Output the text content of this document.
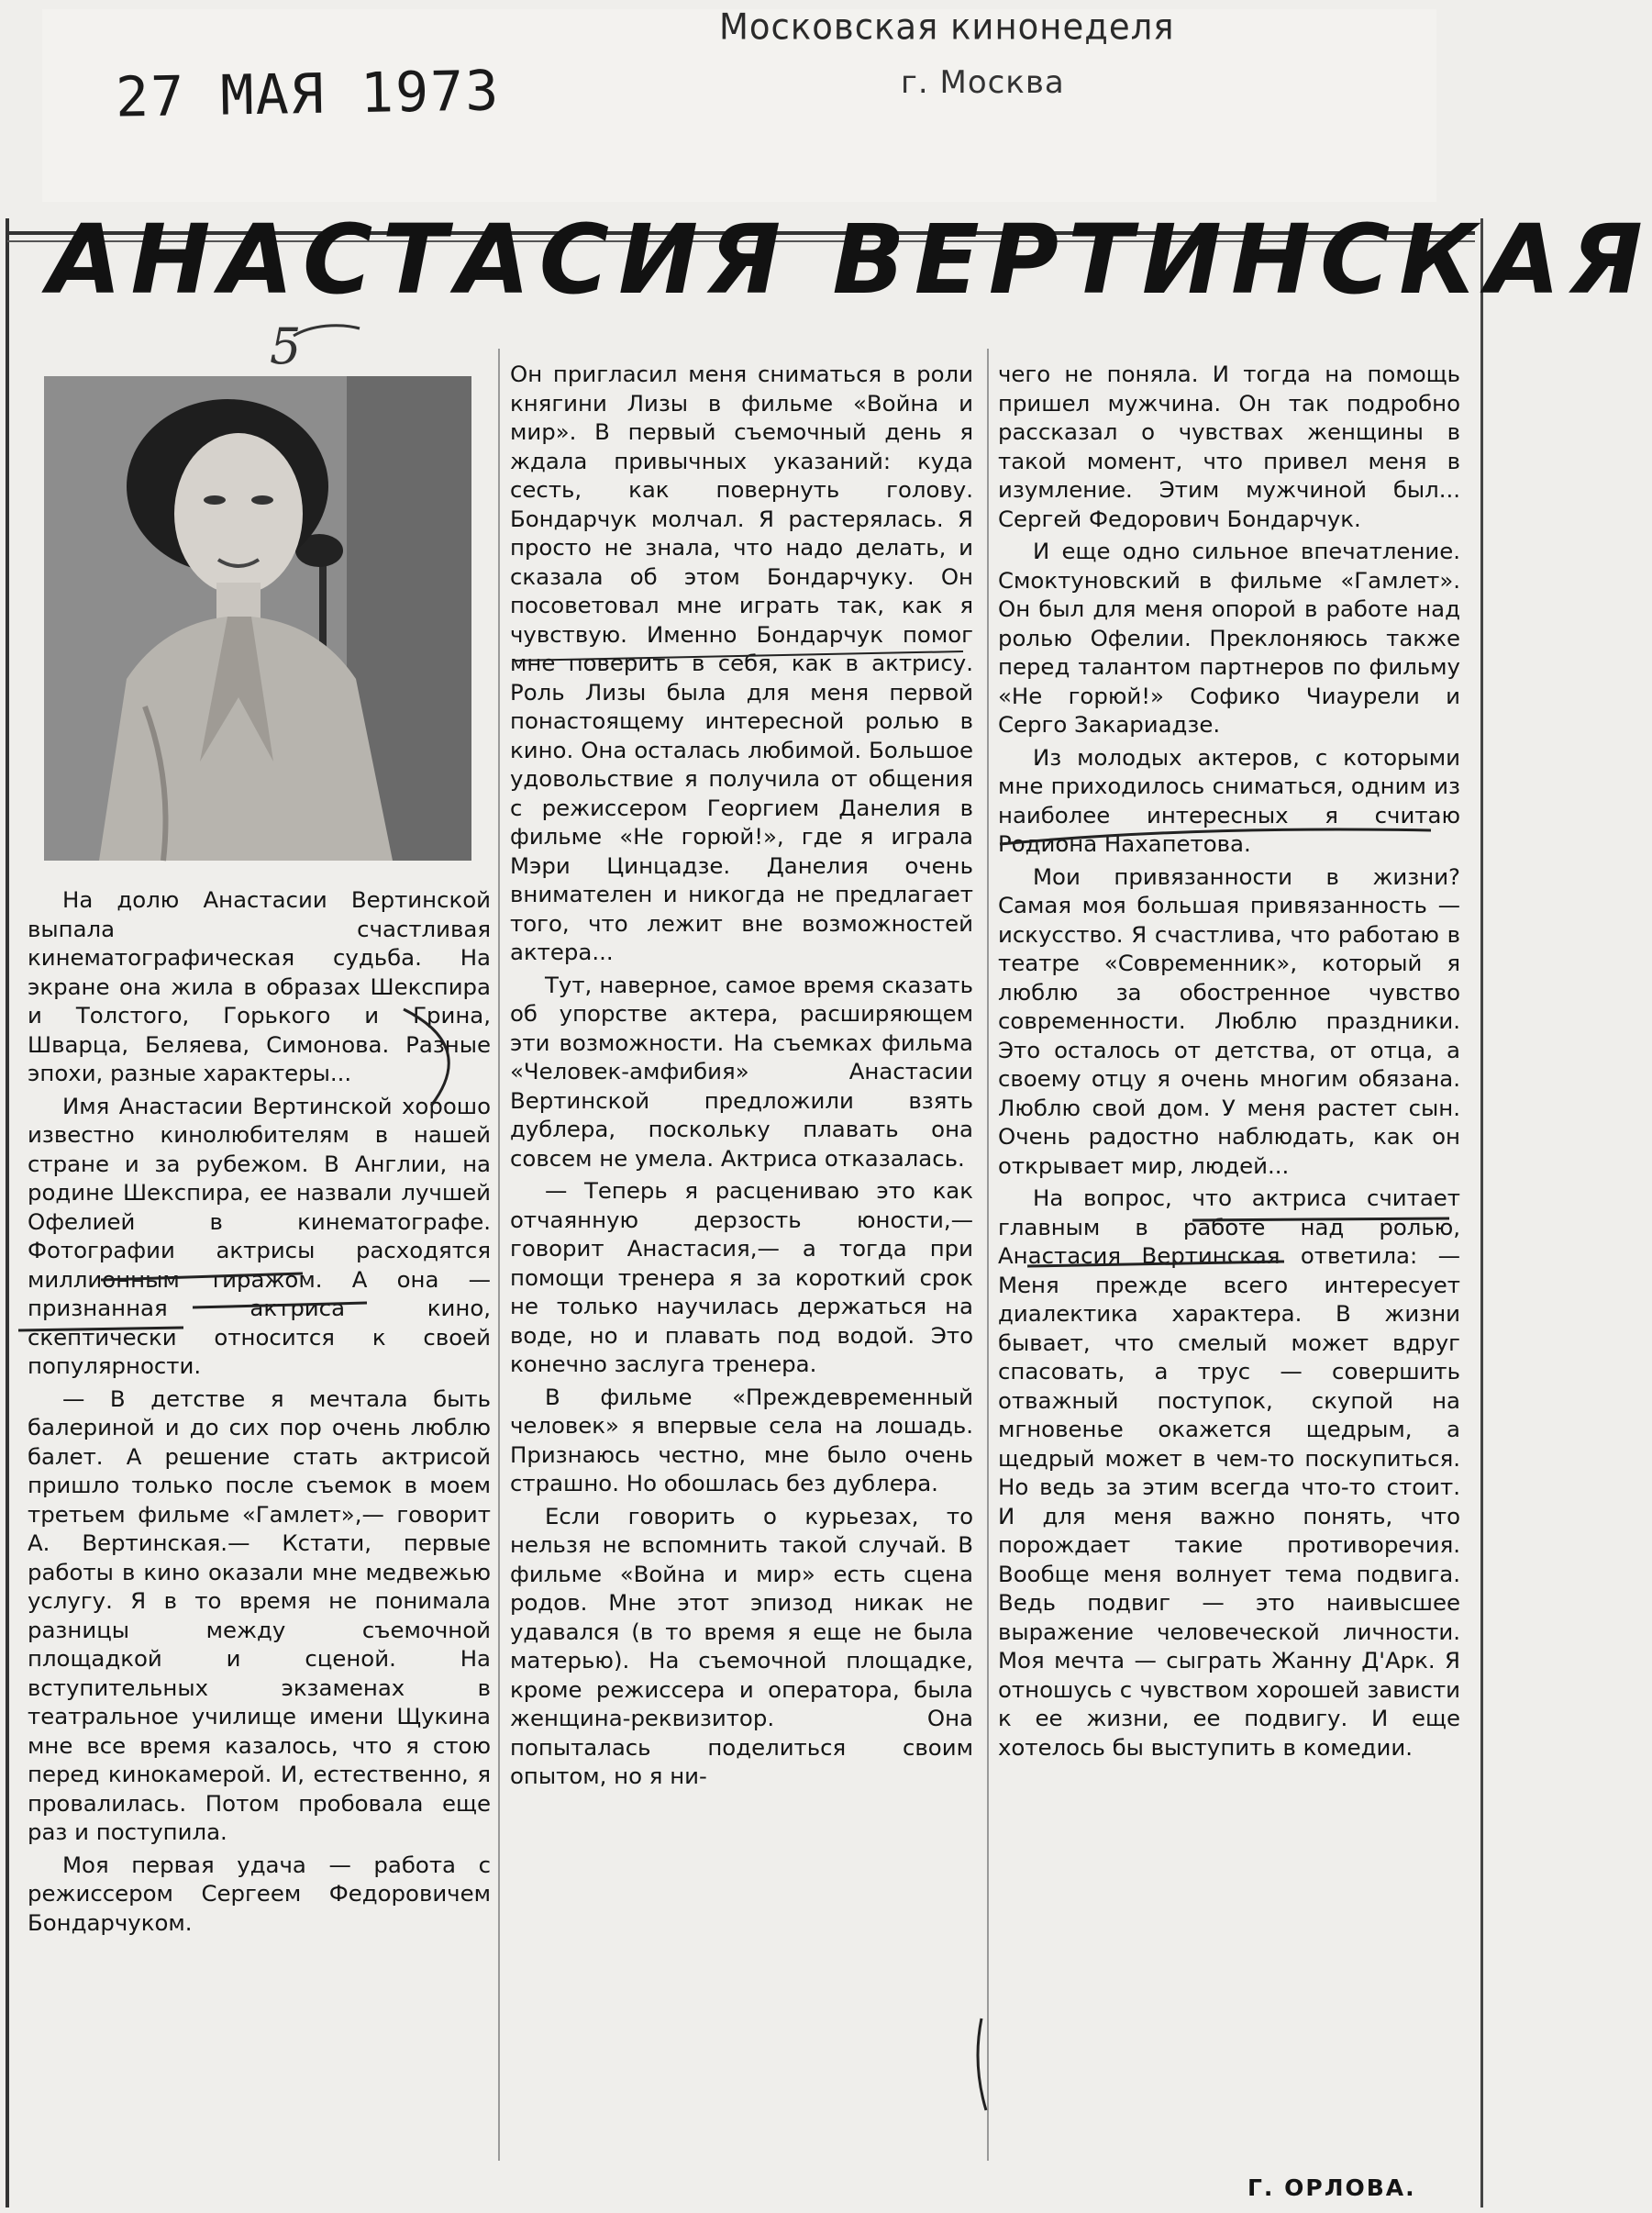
27 МАЯ 1973
Московская кинонеделя
г. Москва
АНАСТАСИЯ ВЕРТИНСКАЯ
5

На долю Анастасии Вертинской выпала счастливая кинематографическая судьба. На экране она жила в образах Шекспира и Толстого, Горького и Грина, Шварца, Беляева, Симонова. Разные эпохи, разные характеры...

Имя Анастасии Вертинской хорошо известно кинолюбителям в нашей стране и за рубежом. В Англии, на родине Шекспира, ее назвали лучшей Офелией в кинематографе. Фотографии актрисы расходятся миллионным тиражом. А она — признанная актриса кино, скептически относится к своей популярности.

— В детстве я мечтала быть балериной и до сих пор очень люблю балет. А решение стать актрисой пришло только после съемок в моем третьем фильме «Гамлет»,— говорит А. Вертинская.— Кстати, первые работы в кино оказали мне медвежью услугу. Я в то время не понимала разницы между съемочной площадкой и сценой. На вступительных экзаменах в театральное училище имени Щукина мне все время казалось, что я стою перед кинокамерой. И, естественно, я провалилась. Потом пробовала еще раз и поступила.

Моя первая удача — работа с режиссером Сергеем Федоровичем Бондарчуком.

Он пригласил меня сниматься в роли княгини Лизы в фильме «Война и мир». В первый съемочный день я ждала привычных указаний: куда сесть, как повернуть голову. Бондарчук молчал. Я растерялась. Я просто не знала, что надо делать, и сказала об этом Бондарчуку. Он посоветовал мне играть так, как я чувствую. Именно Бондарчук помог мне поверить в себя, как в актрису. Роль Лизы была для меня первой понастоящему интересной ролью в кино. Она осталась любимой. Большое удовольствие я получила от общения с режиссером Георгием Данелия в фильме «Не горюй!», где я играла Мэри Цинцадзе. Данелия очень внимателен и никогда не предлагает того, что лежит вне возможностей актера...

Тут, наверное, самое время сказать об упорстве актера, расширяющем эти возможности. На съемках фильма «Человек-амфибия» Анастасии Вертинской предложили взять дублера, поскольку плавать она совсем не умела. Актриса отказалась.

— Теперь я расцениваю это как отчаянную дерзость юности,— говорит Анастасия,— а тогда при помощи тренера я за короткий срок не только научилась держаться на воде, но и плавать под водой. Это конечно заслуга тренера.

В фильме «Преждевременный человек» я впервые села на лошадь. Признаюсь честно, мне было очень страшно. Но обошлась без дублера.

Если говорить о курьезах, то нельзя не вспомнить такой случай. В фильме «Война и мир» есть сцена родов. Мне этот эпизод никак не удавался (в то время я еще не была матерью). На съемочной площадке, кроме режиссера и оператора, была женщина-реквизитор. Она попыталась поделиться своим опытом, но я ни-

чего не поняла. И тогда на помощь пришел мужчина. Он так подробно рассказал о чувствах женщины в такой момент, что привел меня в изумление. Этим мужчиной был... Сергей Федорович Бондарчук.

И еще одно сильное впечатление. Смоктуновский в фильме «Гамлет». Он был для меня опорой в работе над ролью Офелии. Преклоняюсь также перед талантом партнеров по фильму «Не горюй!» Софико Чиаурели и Серго Закариадзе.

Из молодых актеров, с которыми мне приходилось сниматься, одним из наиболее интересных я считаю Родиона Нахапетова.

Мои привязанности в жизни? Самая моя большая привязанность — искусство. Я счастлива, что работаю в театре «Современник», который я люблю за обостренное чувство современности. Люблю праздники. Это осталось от детства, от отца, а своему отцу я очень многим обязана. Люблю свой дом. У меня растет сын. Очень радостно наблюдать, как он открывает мир, людей...

На вопрос, что актриса считает главным в работе над ролью, Анастасия Вертинская ответила: — Меня прежде всего интересует диалектика характера. В жизни бывает, что смелый может вдруг спасовать, а трус — совершить отважный поступок, скупой на мгновенье окажется щедрым, а щедрый может в чем-то поскупиться. Но ведь за этим всегда что-то стоит. И для меня важно понять, что порождает такие противоречия. Вообще меня волнует тема подвига. Ведь подвиг — это наивысшее выражение человеческой личности. Моя мечта — сыграть Жанну Д'Арк. Я отношусь с чувством хорошей зависти к ее жизни, ее подвигу. И еще хотелось бы выступить в комедии.

Г. ОРЛОВА.
